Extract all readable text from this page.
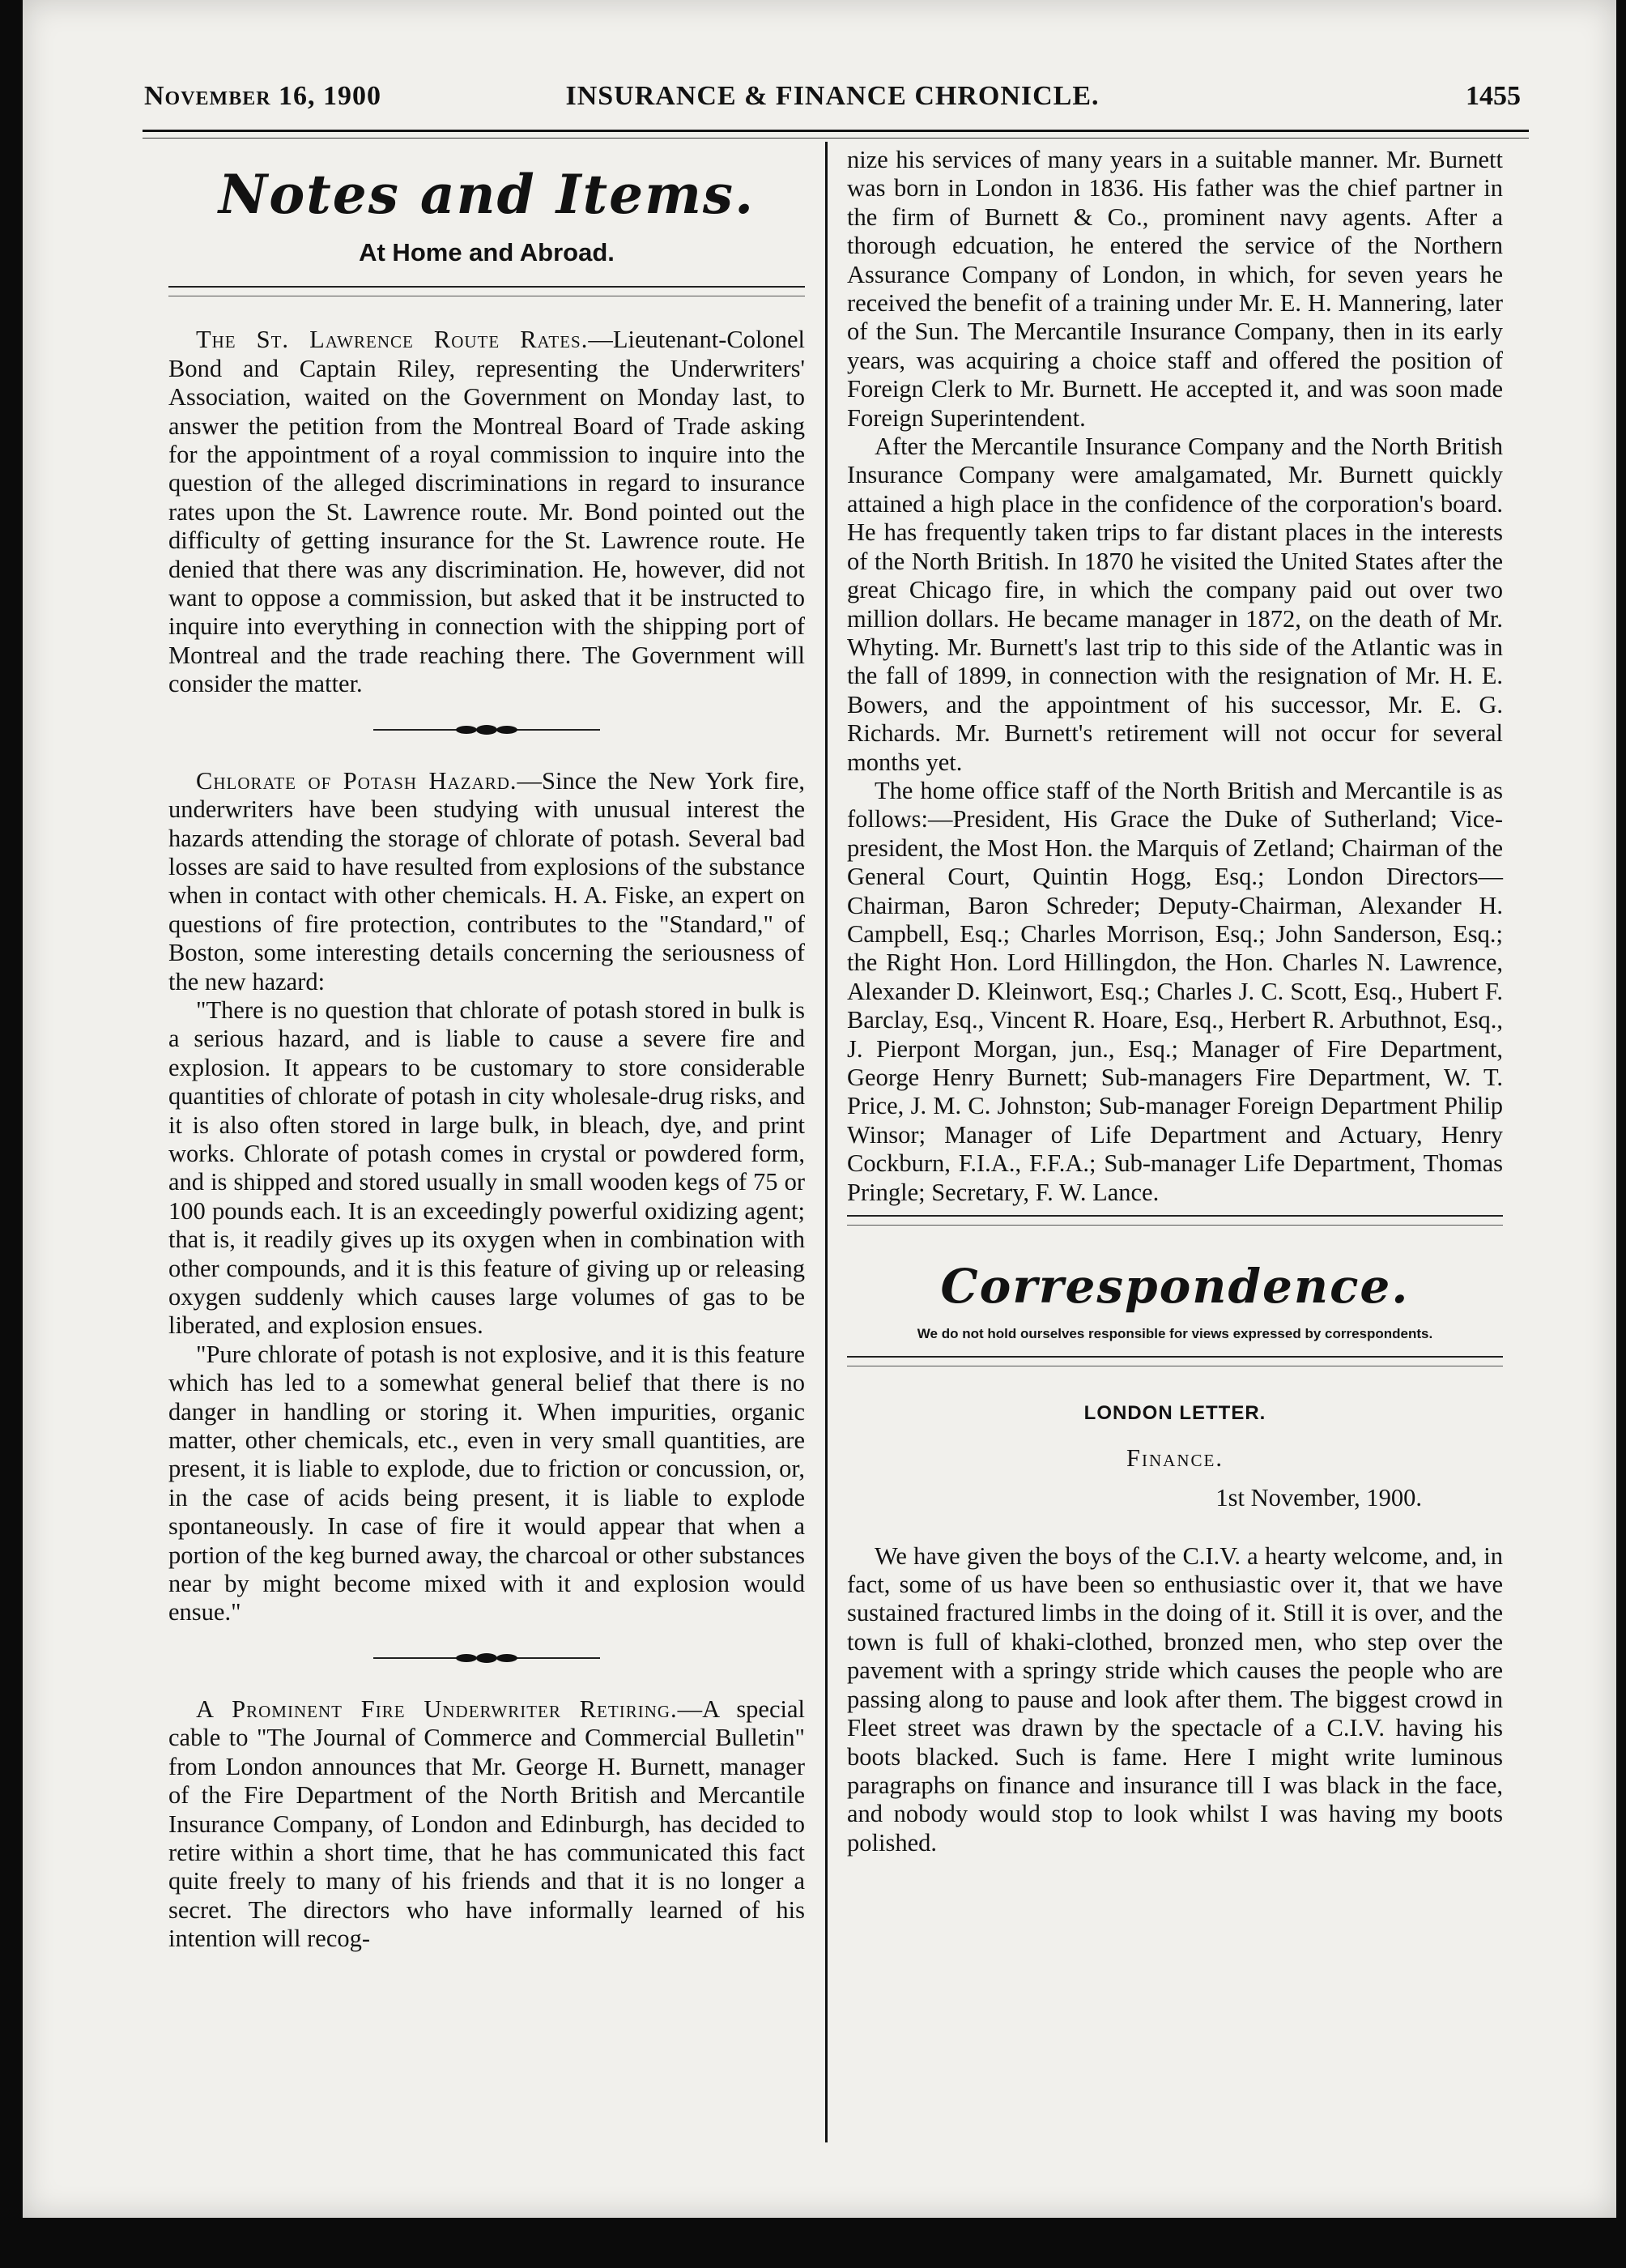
November 16, 1900	INSURANCE & FINANCE CHRONICLE.	1455
Notes and Items.
At Home and Abroad.

The St. Lawrence Route Rates.—Lieutenant-Colonel Bond and Captain Riley, representing the Underwriters' Association, waited on the Government on Monday last, to answer the petition from the Montreal Board of Trade asking for the appointment of a royal commission to inquire into the question of the alleged discriminations in regard to insurance rates upon the St. Lawrence route. Mr. Bond pointed out the difficulty of getting insurance for the St. Lawrence route. He denied that there was any discrimination. He, however, did not want to oppose a commission, but asked that it be instructed to inquire into everything in connection with the shipping port of Montreal and the trade reaching there. The Government will consider the matter.

Chlorate of Potash Hazard.—Since the New York fire, underwriters have been studying with unusual interest the hazards attending the storage of chlorate of potash. Several bad losses are said to have resulted from explosions of the substance when in contact with other chemicals. H. A. Fiske, an expert on questions of fire protection, contributes to the "Standard," of Boston, some interesting details concerning the seriousness of the new hazard:

"There is no question that chlorate of potash stored in bulk is a serious hazard, and is liable to cause a severe fire and explosion. It appears to be customary to store considerable quantities of chlorate of potash in city wholesale-drug risks, and it is also often stored in large bulk, in bleach, dye, and print works. Chlorate of potash comes in crystal or powdered form, and is shipped and stored usually in small wooden kegs of 75 or 100 pounds each. It is an exceedingly powerful oxidizing agent; that is, it readily gives up its oxygen when in combination with other compounds, and it is this feature of giving up or releasing oxygen suddenly which causes large volumes of gas to be liberated, and explosion ensues.

"Pure chlorate of potash is not explosive, and it is this feature which has led to a somewhat general belief that there is no danger in handling or storing it. When impurities, organic matter, other chemicals, etc., even in very small quantities, are present, it is liable to explode, due to friction or concussion, or, in the case of acids being present, it is liable to explode spontaneously. In case of fire it would appear that when a portion of the keg burned away, the charcoal or other substances near by might become mixed with it and explosion would ensue."

A Prominent Fire Underwriter Retiring.—A special cable to "The Journal of Commerce and Commercial Bulletin" from London announces that Mr. George H. Burnett, manager of the Fire Department of the North British and Mercantile Insurance Company, of London and Edinburgh, has decided to retire within a short time, that he has communicated this fact quite freely to many of his friends and that it is no longer a secret. The directors who have informally learned of his intention will recog-

nize his services of many years in a suitable manner. Mr. Burnett was born in London in 1836. His father was the chief partner in the firm of Burnett & Co., prominent navy agents. After a thorough edcuation, he entered the service of the Northern Assurance Company of London, in which, for seven years he received the benefit of a training under Mr. E. H. Mannering, later of the Sun. The Mercantile Insurance Company, then in its early years, was acquiring a choice staff and offered the position of Foreign Clerk to Mr. Burnett. He accepted it, and was soon made Foreign Superintendent.

After the Mercantile Insurance Company and the North British Insurance Company were amalgamated, Mr. Burnett quickly attained a high place in the confidence of the corporation's board. He has frequently taken trips to far distant places in the interests of the North British. In 1870 he visited the United States after the great Chicago fire, in which the company paid out over two million dollars. He became manager in 1872, on the death of Mr. Whyting. Mr. Burnett's last trip to this side of the Atlantic was in the fall of 1899, in connection with the resignation of Mr. H. E. Bowers, and the appointment of his successor, Mr. E. G. Richards. Mr. Burnett's retirement will not occur for several months yet.

The home office staff of the North British and Mercantile is as follows:—President, His Grace the Duke of Sutherland; Vice-president, the Most Hon. the Marquis of Zetland; Chairman of the General Court, Quintin Hogg, Esq.; London Directors—Chairman, Baron Schreder; Deputy-Chairman, Alexander H. Campbell, Esq.; Charles Morrison, Esq.; John Sanderson, Esq.; the Right Hon. Lord Hillingdon, the Hon. Charles N. Lawrence, Alexander D. Kleinwort, Esq.; Charles J. C. Scott, Esq., Hubert F. Barclay, Esq., Vincent R. Hoare, Esq., Herbert R. Arbuthnot, Esq., J. Pierpont Morgan, jun., Esq.; Manager of Fire Department, George Henry Burnett; Sub-managers Fire Department, W. T. Price, J. M. C. Johnston; Sub-manager Foreign Department Philip Winsor; Manager of Life Department and Actuary, Henry Cockburn, F.I.A., F.F.A.; Sub-manager Life Department, Thomas Pringle; Secretary, F. W. Lance.

Correspondence.
We do not hold ourselves responsible for views expressed by correspondents.
LONDON LETTER.
Finance.
1st November, 1900.

We have given the boys of the C.I.V. a hearty welcome, and, in fact, some of us have been so enthusiastic over it, that we have sustained fractured limbs in the doing of it. Still it is over, and the town is full of khaki-clothed, bronzed men, who step over the pavement with a springy stride which causes the people who are passing along to pause and look after them. The biggest crowd in Fleet street was drawn by the spectacle of a C.I.V. having his boots blacked. Such is fame. Here I might write luminous paragraphs on finance and insurance till I was black in the face, and nobody would stop to look whilst I was having my boots polished.
